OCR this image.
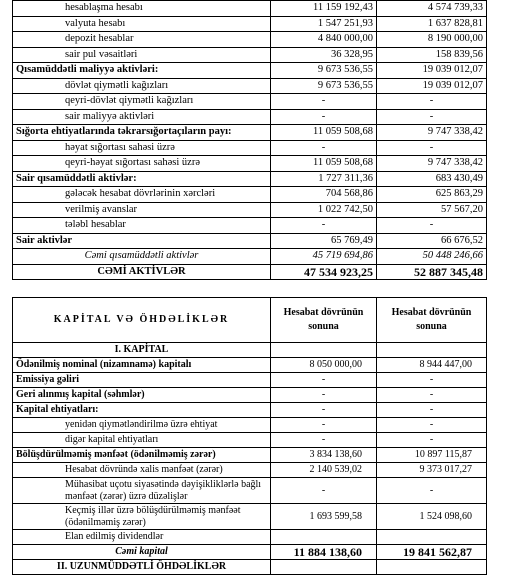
hesablaşma hesabı	11 159 192,43	4 574 739,33
valyuta hesabı	1 547 251,93	1 637 828,81
depozit hesablar	4 840 000,00	8 190 000,00
sair pul vəsaitləri	36 328,95	158 839,56
Qısamüddətli maliyyə aktivləri:	9 673 536,55	19 039 012,07
dövlət qiymətli kağızları	9 673 536,55	19 039 012,07
qeyri-dövlət qiymətli kağızları	-	-
sair maliyyə aktivləri	-	-
Sığorta ehtiyatlarında təkrarsığortaçıların payı:	11 059 508,68	9 747 338,42
həyat sığortası sahəsi üzrə	-	-
qeyri-həyat sığortası sahəsi üzrə	11 059 508,68	9 747 338,42
Sair qısamüddətli aktivlər:	1 727 311,36	683 430,49
gələcək hesabat dövrlərinin xərcləri	704 568,86	625 863,29
verilmiş avanslar	1 022 742,50	57 567,20
tələbl hesablar	-	-
Sair aktivlər	65 769,49	66 676,52
Cəmi qısamüddətli aktivlər	45 719 694,86	50 448 246,66
CƏMİ AKTİVLƏR	47 534 923,25	52 887 345,48
KAPİTAL VƏ ÖHDƏLİKLƏR	Hesabat dövrünün sonuna	Hesabat dövrünün sonuna
I. KAPİTAL		
Ödənilmiş nominal (nizamnamə) kapitalı	8 050 000,00	8 944 447,00
Emissiya gəliri	-	-
Geri alınmış kapital (səhmlər)	-	-
Kapital ehtiyatları:	-	-
yenidən qiymətləndirilmə üzrə ehtiyat	-	-
digər kapital ehtiyatları	-	-
Bölüşdürülməmiş mənfəət (ödənilməmiş zərər)	3 834 138,60	10 897 115,87
Hesabat dövründə xalis mənfəət (zərər)	2 140 539,02	9 373 017,27
Mühasibat uçotu siyasətində dəyişikliklərlə bağlı mənfəət (zərər) üzrə düzəlişlər	-	-
Keçmiş illər üzrə bölüşdürülməmiş mənfəət (ödənilməmiş zərər)	1 693 599,58	1 524 098,60
Elan edilmiş dividendlər		
Cəmi kapital	11 884 138,60	19 841 562,87
II. UZUNMÜDDƏTLİ ÖHDƏLİKLƏR		
